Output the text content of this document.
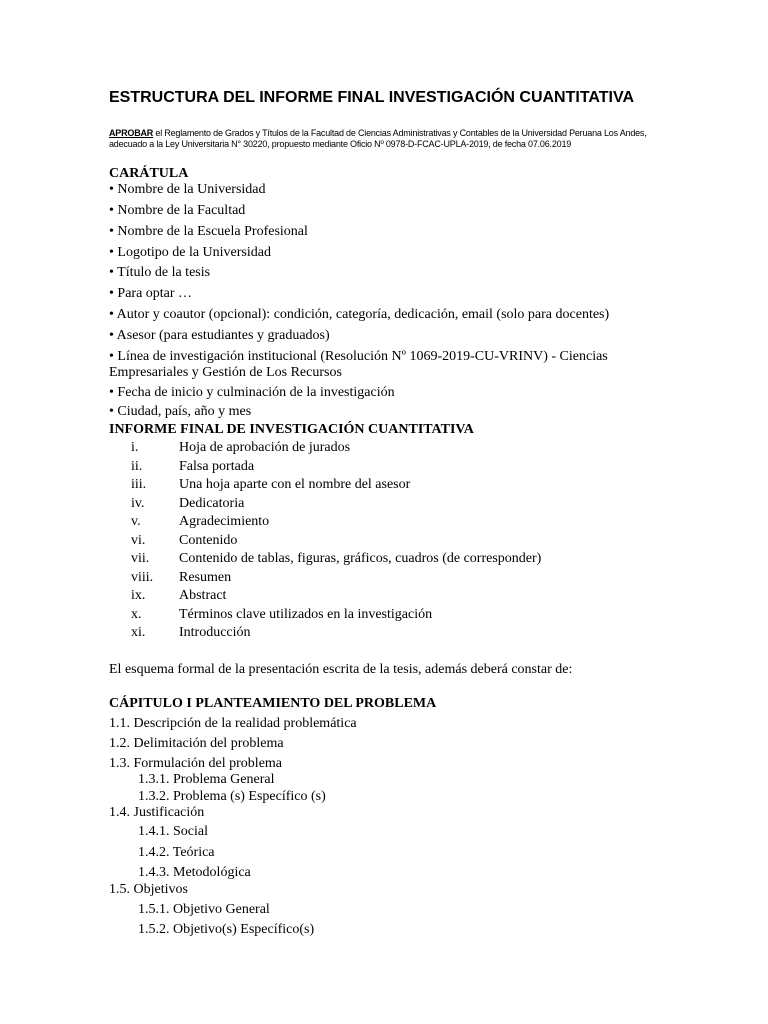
ESTRUCTURA DEL INFORME FINAL INVESTIGACIÓN CUANTITATIVA
APROBAR el Reglamento de Grados y Títulos de la Facultad de Ciencias Administrativas y Contables de la Universidad Peruana Los Andes, adecuado a la Ley Universitaria N° 30220, propuesto mediante Oficio Nº 0978-D-FCAC-UPLA-2019, de fecha 07.06.2019
CARÁTULA
• Nombre de la Universidad
• Nombre de la Facultad
• Nombre de la Escuela Profesional
• Logotipo de la Universidad
• Título de la tesis
• Para optar …
• Autor y coautor (opcional): condición, categoría, dedicación, email (solo para docentes)
• Asesor (para estudiantes y graduados)
• Línea de investigación institucional (Resolución Nº 1069-2019-CU-VRINV) - Ciencias Empresariales y Gestión de Los Recursos
• Fecha de inicio y culminación de la investigación
• Ciudad, país, año y mes
INFORME FINAL DE INVESTIGACIÓN CUANTITATIVA
i.	Hoja de aprobación de jurados
ii.	Falsa portada
iii. Una hoja aparte con el nombre del asesor
iv. Dedicatoria
v.	Agradecimiento
vi. Contenido
vii. Contenido de tablas, figuras, gráficos, cuadros (de corresponder)
viii. Resumen
ix. Abstract
x.	Términos clave utilizados en la investigación
xi. Introducción
El esquema formal de la presentación escrita de la tesis, además deberá constar de:
CÁPITULO I PLANTEAMIENTO DEL PROBLEMA
1.1. Descripción de la realidad problemática
1.2. Delimitación del problema
1.3. Formulación del problema
1.3.1. Problema General
1.3.2. Problema (s) Específico (s)
1.4. Justificación
1.4.1. Social
1.4.2. Teórica
1.4.3. Metodológica
1.5. Objetivos
1.5.1. Objetivo General
1.5.2. Objetivo(s) Específico(s)
